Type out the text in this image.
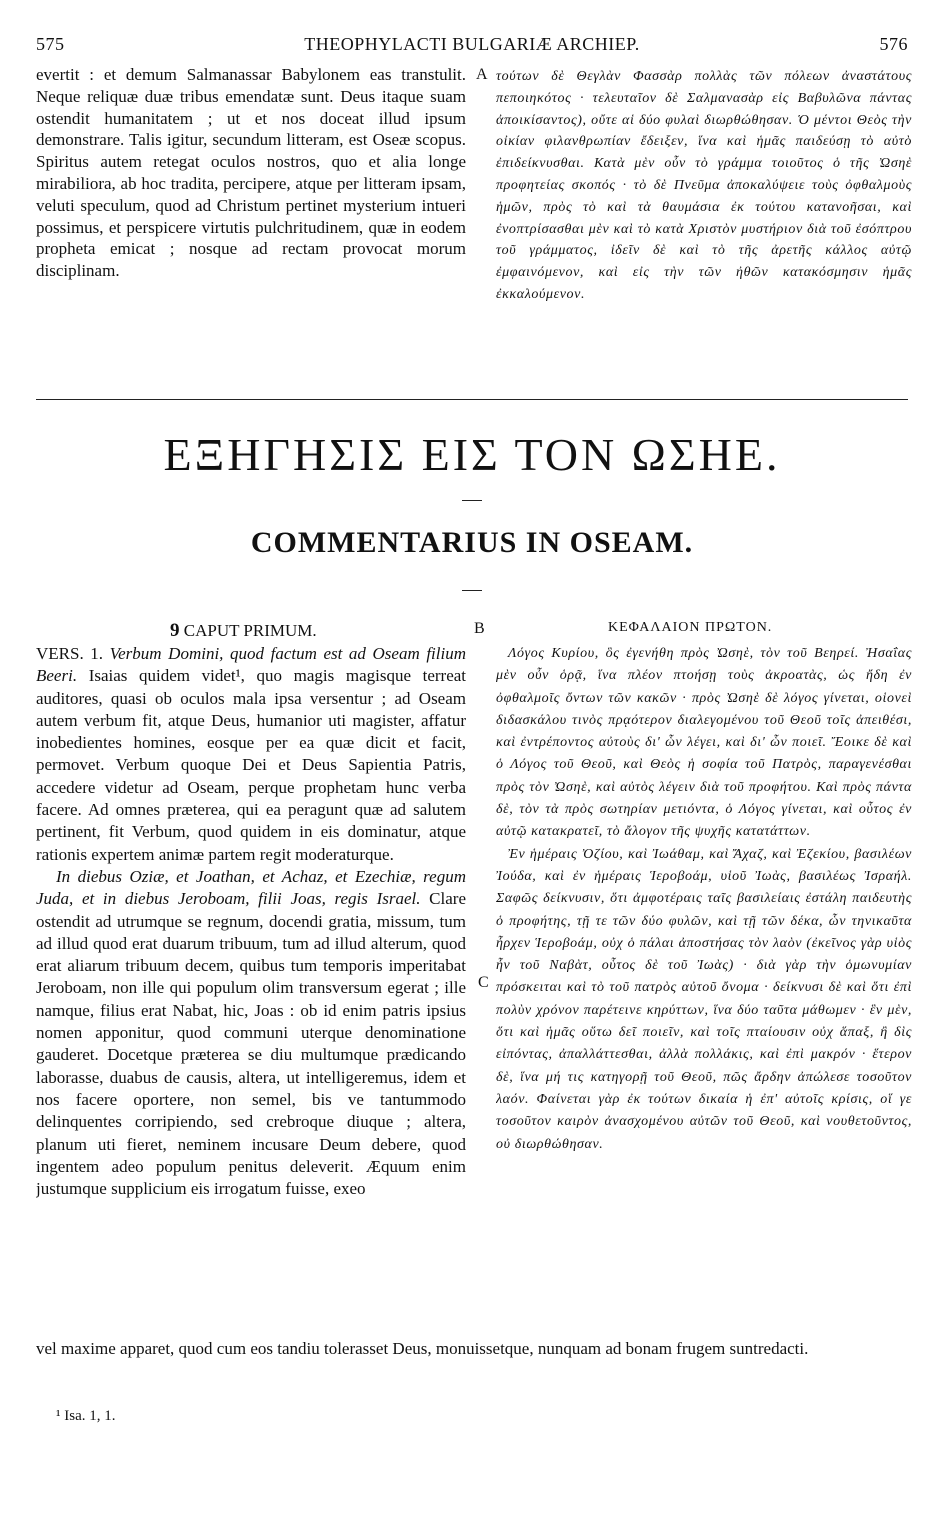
575	THEOPHYLACTI BULGARIÆ ARCHIEP.	576

evertit : et demum Salmanassar Babylonem eas transtulit. Neque reliquæ duæ tribus emendatæ sunt. Deus itaque suam ostendit humanitatem ; ut et nos doceat illud ipsum demonstrare. Talis igitur, secundum litteram, est Oseæ scopus. Spiritus autem retegat oculos nostros, quo et alia longe mirabiliora, ab hoc tradita, percipere, atque per litteram ipsam, veluti speculum, quod ad Christum pertinet mysterium intueri possimus, et perspicere virtutis pulchritudinem, quæ in eodem propheta emicat ; nosque ad rectam provocat morum disciplinam.

A τούτων δὲ Θεγλὰν Φασσὰρ πολλὰς τῶν πόλεων ἀναστάτους πεποιηκότος · τελευταῖον δὲ Σαλμανασὰρ εἰς Βαβυλῶνα πάντας ἀποικίσαντος), οὔτε αἱ δύο φυλαὶ διωρθώθησαν. Ὁ μέντοι Θεὸς τὴν οἰκίαν φιλανθρωπίαν ἔδειξεν, ἵνα καὶ ἡμᾶς παιδεύσῃ τὸ αὐτὸ ἐπιδείκνυσθαι. Κατὰ μὲν οὖν τὸ γράμμα τοιοῦτος ὁ τῆς Ὠσηὲ προφητείας σκοπός · τὸ δὲ Πνεῦμα ἀποκαλύψειε τοὺς ὀφθαλμοὺς ἡμῶν, πρὸς τὸ καὶ τὰ θαυμάσια ἐκ τούτου κατανοῆσαι, καὶ ἐνοπτρίσασθαι μὲν καὶ τὸ κατὰ Χριστὸν μυστήριον διὰ τοῦ ἐσόπτρου τοῦ γράμματος, ἰδεῖν δὲ καὶ τὸ τῆς ἀρετῆς κάλλος αὐτῷ ἐμφαινόμενον, καὶ εἰς τὴν τῶν ἠθῶν κατακόσμησιν ἡμᾶς ἐκκαλούμενον.

ΕΞΗΓΗΣΙΣ ΕΙΣ ΤΟΝ ΩΣΗΕ.
COMMENTARIUS IN OSEAM.
9 CAPUT PRIMUM.	B	ΚΕΦΑΛΑΙΟΝ ΠΡΩΤΟΝ.

VERS. 1. Verbum Domini, quod factum est ad Oseam filium Beeri. Isaias quidem videt¹, quo magis magisque terreat auditores, quasi ob oculos mala ipsa versentur ; ad Oseam autem verbum fit, atque Deus, humanior uti magister, affatur inobedientes homines, eosque per ea quæ dicit et facit, permovet. Verbum quoque Dei et Deus Sapientia Patris, accedere videtur ad Oseam, perque prophetam hunc verba facere. Ad omnes præterea, qui ea peragunt quæ ad salutem pertinent, fit Verbum, quod quidem in eis dominatur, atque rationis expertem animæ partem regit moderaturque.

In diebus Oziæ, et Joathan, et Achaz, et Ezechiæ, regum Juda, et in diebus Jeroboam, filii Joas, regis Israel. Clare ostendit ad utrumque se regnum, docendi gratia, missum, tum ad illud quod erat duarum tribuum, tum ad illud alterum, quod erat aliarum tribuum decem, quibus tum temporis imperitabat Jeroboam, non ille qui populum olim transversum egerat ; ille namque, filius erat Nabat, hic, Joas : ob id enim patris ipsius nomen apponitur, quod communi uterque denominatione gauderet. Docetque præterea se diu multumque prædicando laborasse, duabus de causis, altera, ut intelligeremus, idem et nos facere oportere, non semel, bis ve tantummodo delinquentes corripiendo, sed crebroque diuque ; altera, planum uti fieret, neminem incusare Deum debere, quod ingentem adeo populum penitus deleverit. Æquum enim justumque supplicium eis irrogatum fuisse, exeo

C

Λόγος Κυρίου, ὃς ἐγενήθη πρὸς Ὠσηὲ, τὸν τοῦ Βεηρεί. Ἠσαΐας μὲν οὖν ὁρᾷ, ἵνα πλέον πτοήσῃ τοὺς ἀκροατὰς, ὡς ἤδη ἐν ὀφθαλμοῖς ὄντων τῶν κακῶν · πρὸς Ὠσηὲ δὲ λόγος γίνεται, οἱονεὶ διδασκάλου τινὸς πρᾳότερον διαλεγομένου τοῦ Θεοῦ τοῖς ἀπειθέσι, καὶ ἐντρέποντος αὐτοὺς δι' ὧν λέγει, καὶ δι' ὧν ποιεῖ. Ἔοικε δὲ καὶ ὁ Λόγος τοῦ Θεοῦ, καὶ Θεὸς ἡ σοφία τοῦ Πατρὸς, παραγενέσθαι πρὸς τὸν Ὠσηὲ, καὶ αὐτὸς λέγειν διὰ τοῦ προφήτου. Καὶ πρὸς πάντα δὲ, τὸν τὰ πρὸς σωτηρίαν μετιόντα, ὁ Λόγος γίνεται, καὶ οὗτος ἐν αὐτῷ κατακρατεῖ, τὸ ἄλογον τῆς ψυχῆς κατατάττων.

Ἐν ἡμέραις Ὀζίου, καὶ Ἰωάθαμ, καὶ Ἄχαζ, καὶ Ἐζεκίου, βασιλέων Ἰούδα, καὶ ἐν ἡμέραις Ἱεροβοάμ, υἱοῦ Ἰωὰς, βασιλέως Ἰσραήλ. Σαφῶς δείκνυσιν, ὅτι ἀμφοτέραις ταῖς βασιλείαις ἐστάλη παιδευτὴς ὁ προφήτης, τῇ τε τῶν δύο φυλῶν, καὶ τῇ τῶν δέκα, ὧν τηνικαῦτα ἦρχεν Ἱεροβοάμ, οὐχ ὁ πάλαι ἀποστήσας τὸν λαὸν (ἐκεῖνος γὰρ υἱὸς ἦν τοῦ Ναβὰτ, οὗτος δὲ τοῦ Ἰωὰς) · διὰ γὰρ τὴν ὁμωνυμίαν πρόσκειται καὶ τὸ τοῦ πατρὸς αὐτοῦ ὄνομα · δείκνυσι δὲ καὶ ὅτι ἐπὶ πολὺν χρόνον παρέτεινε κηρύττων, ἵνα δύο ταῦτα μάθωμεν · ἓν μὲν, ὅτι καὶ ἡμᾶς οὕτω δεῖ ποιεῖν, καὶ τοῖς πταίουσιν οὐχ ἅπαξ, ἢ δὶς εἰπόντας, ἀπαλλάττεσθαι, ἀλλὰ πολλάκις, καὶ ἐπὶ μακρόν · ἕτερον δὲ, ἵνα μή τις κατηγορῇ τοῦ Θεοῦ, πῶς ἄρδην ἀπώλεσε τοσοῦτον λαόν. Φαίνεται γὰρ ἐκ τούτων δικαία ἡ ἐπ' αὐτοῖς κρίσις, οἵ γε τοσοῦτον καιρὸν ἀνασχομένου αὐτῶν τοῦ Θεοῦ, καὶ νουθετοῦντος, οὐ διωρθώθησαν.

vel maxime apparet, quod cum eos tandiu tolerasset Deus, monuissetque, nunquam ad bonam frugem suntredacti.
¹ Isa. 1, 1.
